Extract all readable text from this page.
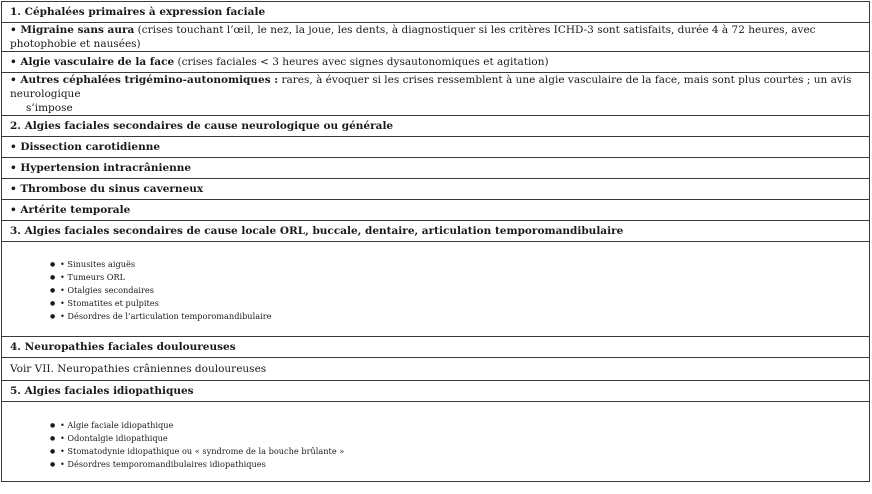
1. Céphalées primaires à expression faciale
• Migraine sans aura (crises touchant l’œil, le nez, la joue, les dents, à diagnostiquer si les critères ICHD-3 sont satisfaits, durée 4 à 72 heures, avec photophobie et nausées)
• Algie vasculaire de la face (crises faciales < 3 heures avec signes dysautonomiques et agitation)

• Autres céphalées trigémino-autonomiques : rares, à évoquer si les crises ressemblent à une algie vasculaire de la face, mais sont plus courtes ; un avis neurologique
s’impose

2. Algies faciales secondaires de cause neurologique ou générale
• Dissection carotidienne
• Hypertension intracrânienne
• Thrombose du sinus caverneux
• Artérite temporale
3. Algies faciales secondaires de cause locale ORL, buccale, dentaire, articulation temporomandibulaire

● • Sinusites aiguës
● • Tumeurs ORL
● • Otalgies secondaires
● • Stomatites et pulpites
● • Désordres de l’articulation temporomandibulaire

4. Neuropathies faciales douloureuses
Voir VII. Neuropathies crâniennes douloureuses
5. Algies faciales idiopathiques

● • Algie faciale idiopathique
● • Odontalgie idiopathique
● • Stomatodynie idiopathique ou « syndrome de la bouche brûlante »
● • Désordres temporomandibulaires idiopathiques
